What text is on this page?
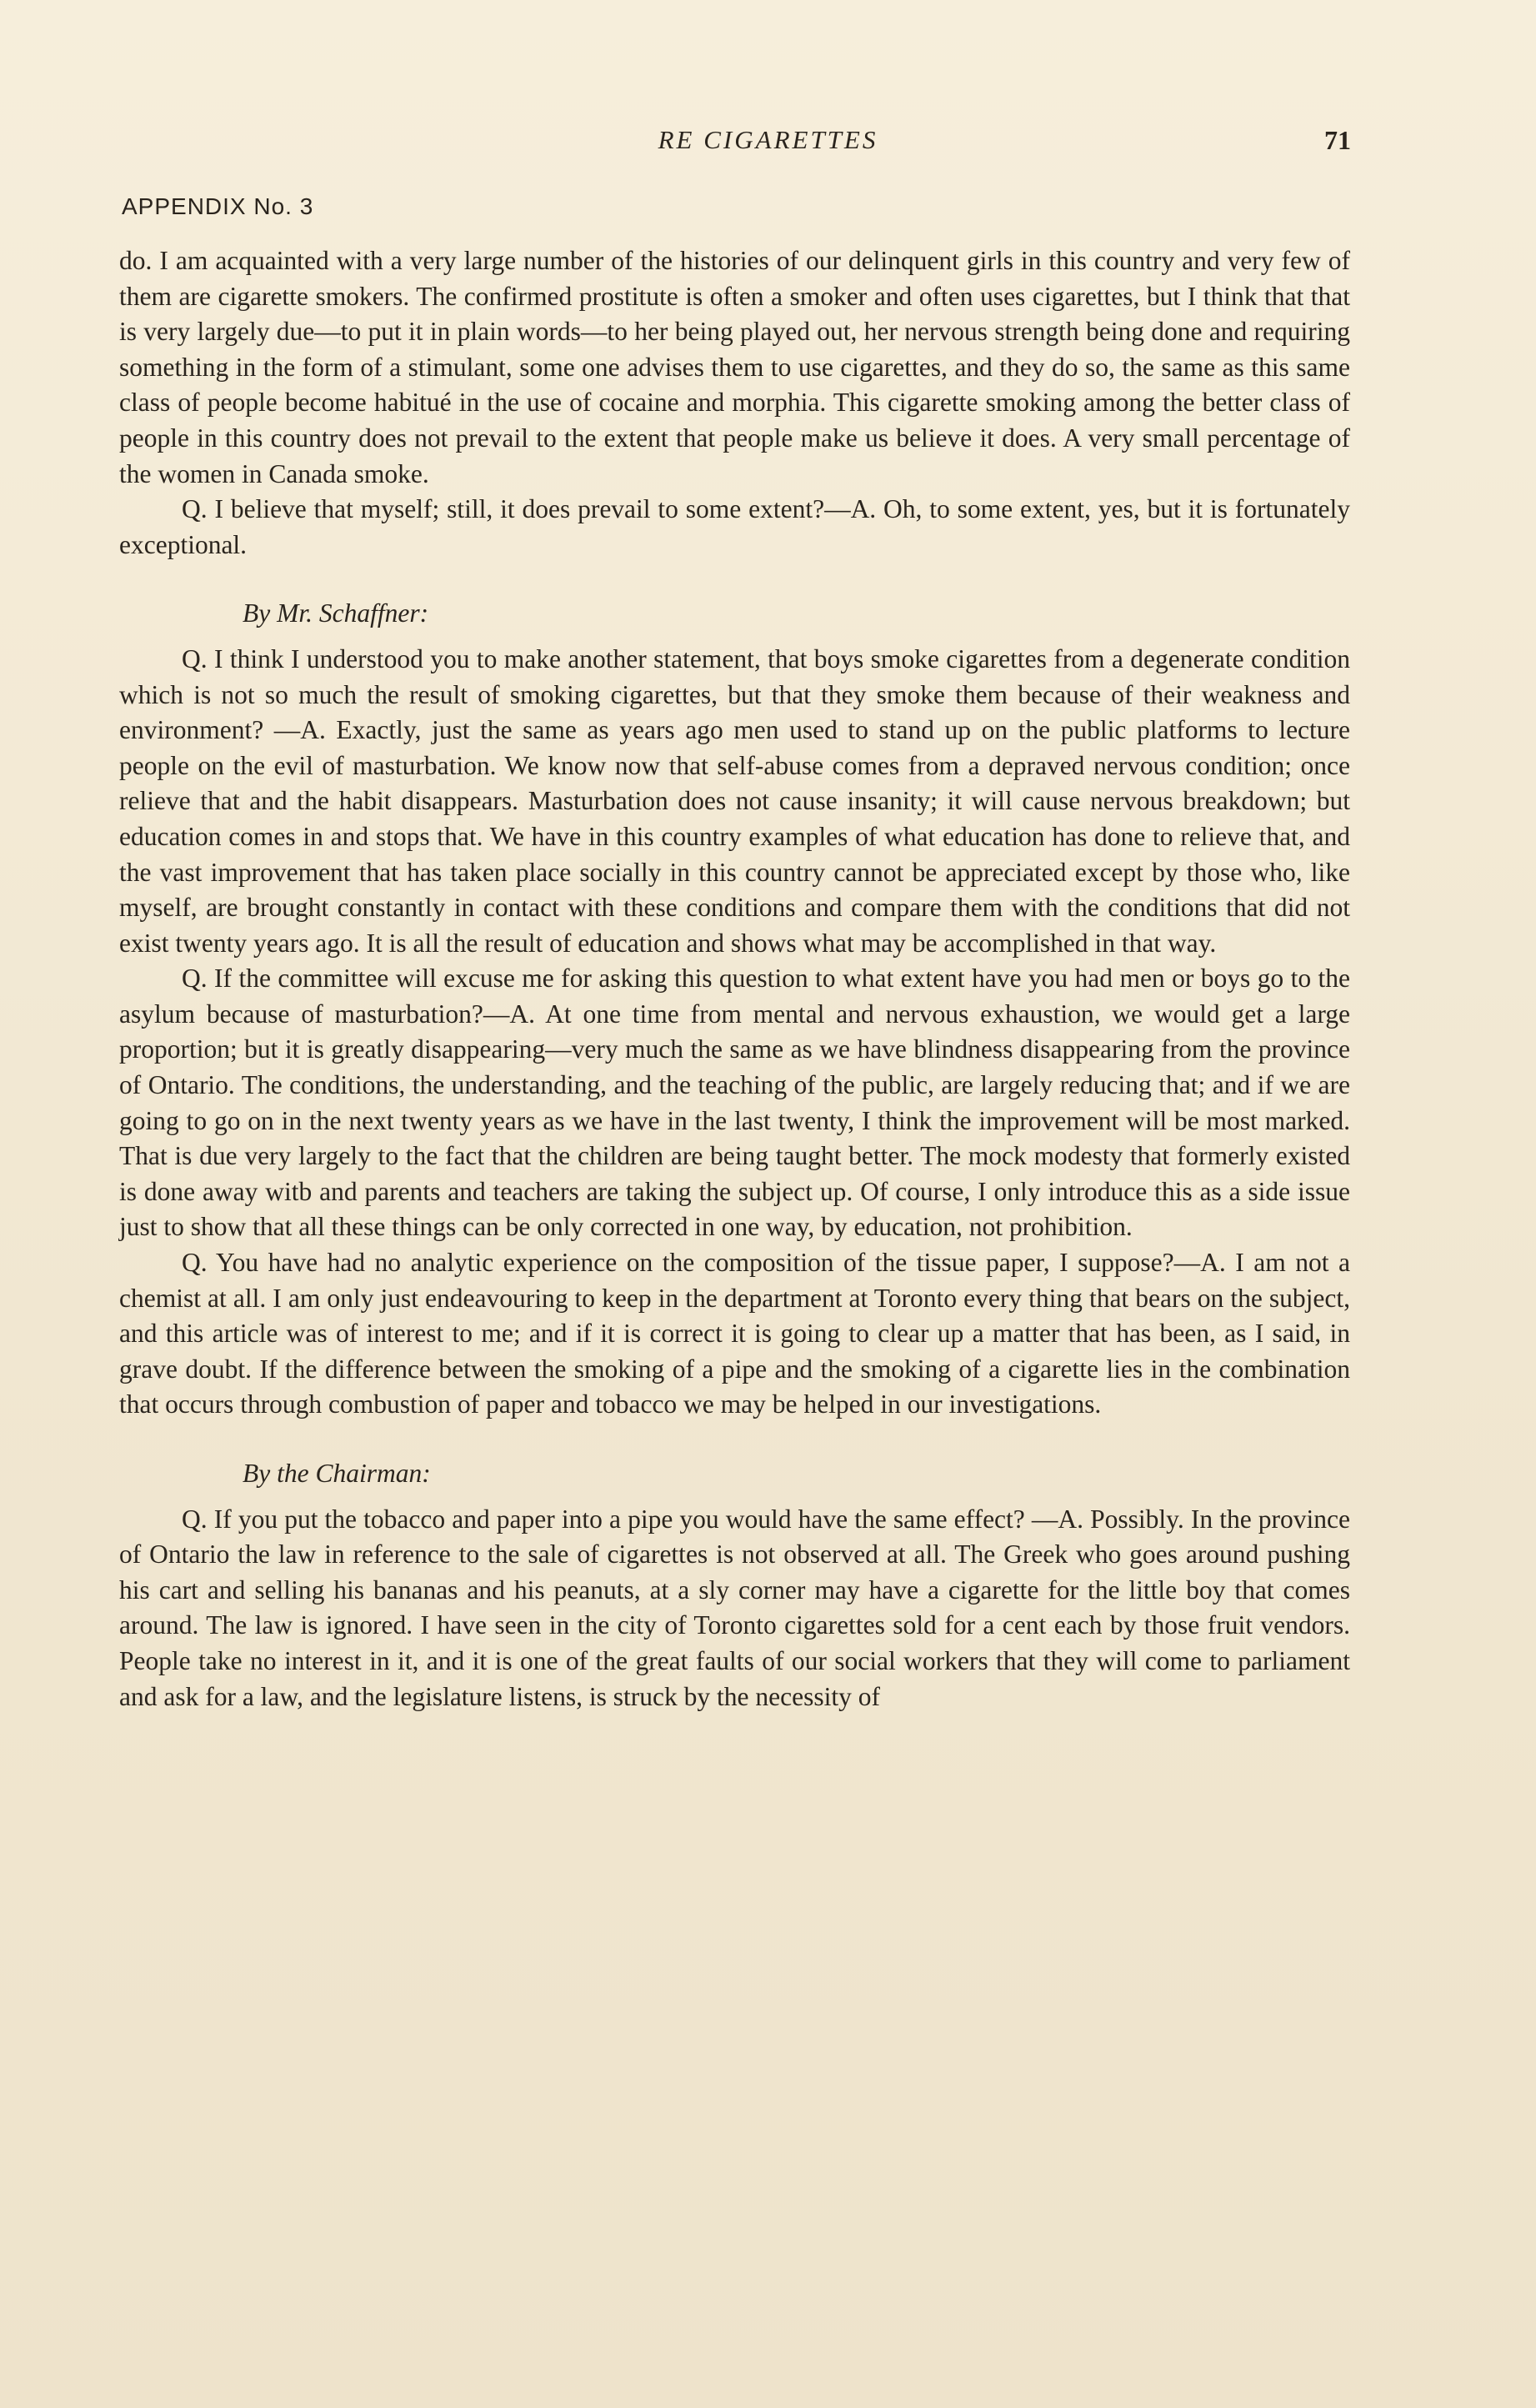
RE CIGARETTES	71
APPENDIX No. 3

do. I am acquainted with a very large number of the histories of our delinquent girls in this country and very few of them are cigarette smokers. The confirmed prostitute is often a smoker and often uses cigarettes, but I think that that is very largely due—to put it in plain words—to her being played out, her nervous strength being done and requiring something in the form of a stimulant, some one advises them to use cigarettes, and they do so, the same as this same class of people become habitué in the use of cocaine and morphia. This cigarette smoking among the better class of people in this country does not prevail to the extent that people make us believe it does. A very small percentage of the women in Canada smoke.

Q. I believe that myself; still, it does prevail to some extent?—A. Oh, to some extent, yes, but it is fortunately exceptional.

By Mr. Schaffner:

Q. I think I understood you to make another statement, that boys smoke cigarettes from a degenerate condition which is not so much the result of smoking cigarettes, but that they smoke them because of their weakness and environment? —A. Exactly, just the same as years ago men used to stand up on the public platforms to lecture people on the evil of masturbation. We know now that self-abuse comes from a depraved nervous condition; once relieve that and the habit disappears. Masturbation does not cause insanity; it will cause nervous breakdown; but education comes in and stops that. We have in this country examples of what education has done to relieve that, and the vast improvement that has taken place socially in this country cannot be appreciated except by those who, like myself, are brought constantly in contact with these conditions and compare them with the conditions that did not exist twenty years ago. It is all the result of education and shows what may be accomplished in that way.

Q. If the committee will excuse me for asking this question to what extent have you had men or boys go to the asylum because of masturbation?—A. At one time from mental and nervous exhaustion, we would get a large proportion; but it is greatly disappearing—very much the same as we have blindness disappearing from the province of Ontario. The conditions, the understanding, and the teaching of the public, are largely reducing that; and if we are going to go on in the next twenty years as we have in the last twenty, I think the improvement will be most marked. That is due very largely to the fact that the children are being taught better. The mock modesty that formerly existed is done away witb and parents and teachers are taking the subject up. Of course, I only introduce this as a side issue just to show that all these things can be only corrected in one way, by education, not prohibition.

Q. You have had no analytic experience on the composition of the tissue paper, I suppose?—A. I am not a chemist at all. I am only just endeavouring to keep in the department at Toronto every thing that bears on the subject, and this article was of interest to me; and if it is correct it is going to clear up a matter that has been, as I said, in grave doubt. If the difference between the smoking of a pipe and the smoking of a cigarette lies in the combination that occurs through combustion of paper and tobacco we may be helped in our investigations.

By the Chairman:

Q. If you put the tobacco and paper into a pipe you would have the same effect? —A. Possibly. In the province of Ontario the law in reference to the sale of cigarettes is not observed at all. The Greek who goes around pushing his cart and selling his bananas and his peanuts, at a sly corner may have a cigarette for the little boy that comes around. The law is ignored. I have seen in the city of Toronto cigarettes sold for a cent each by those fruit vendors. People take no interest in it, and it is one of the great faults of our social workers that they will come to parliament and ask for a law, and the legislature listens, is struck by the necessity of
